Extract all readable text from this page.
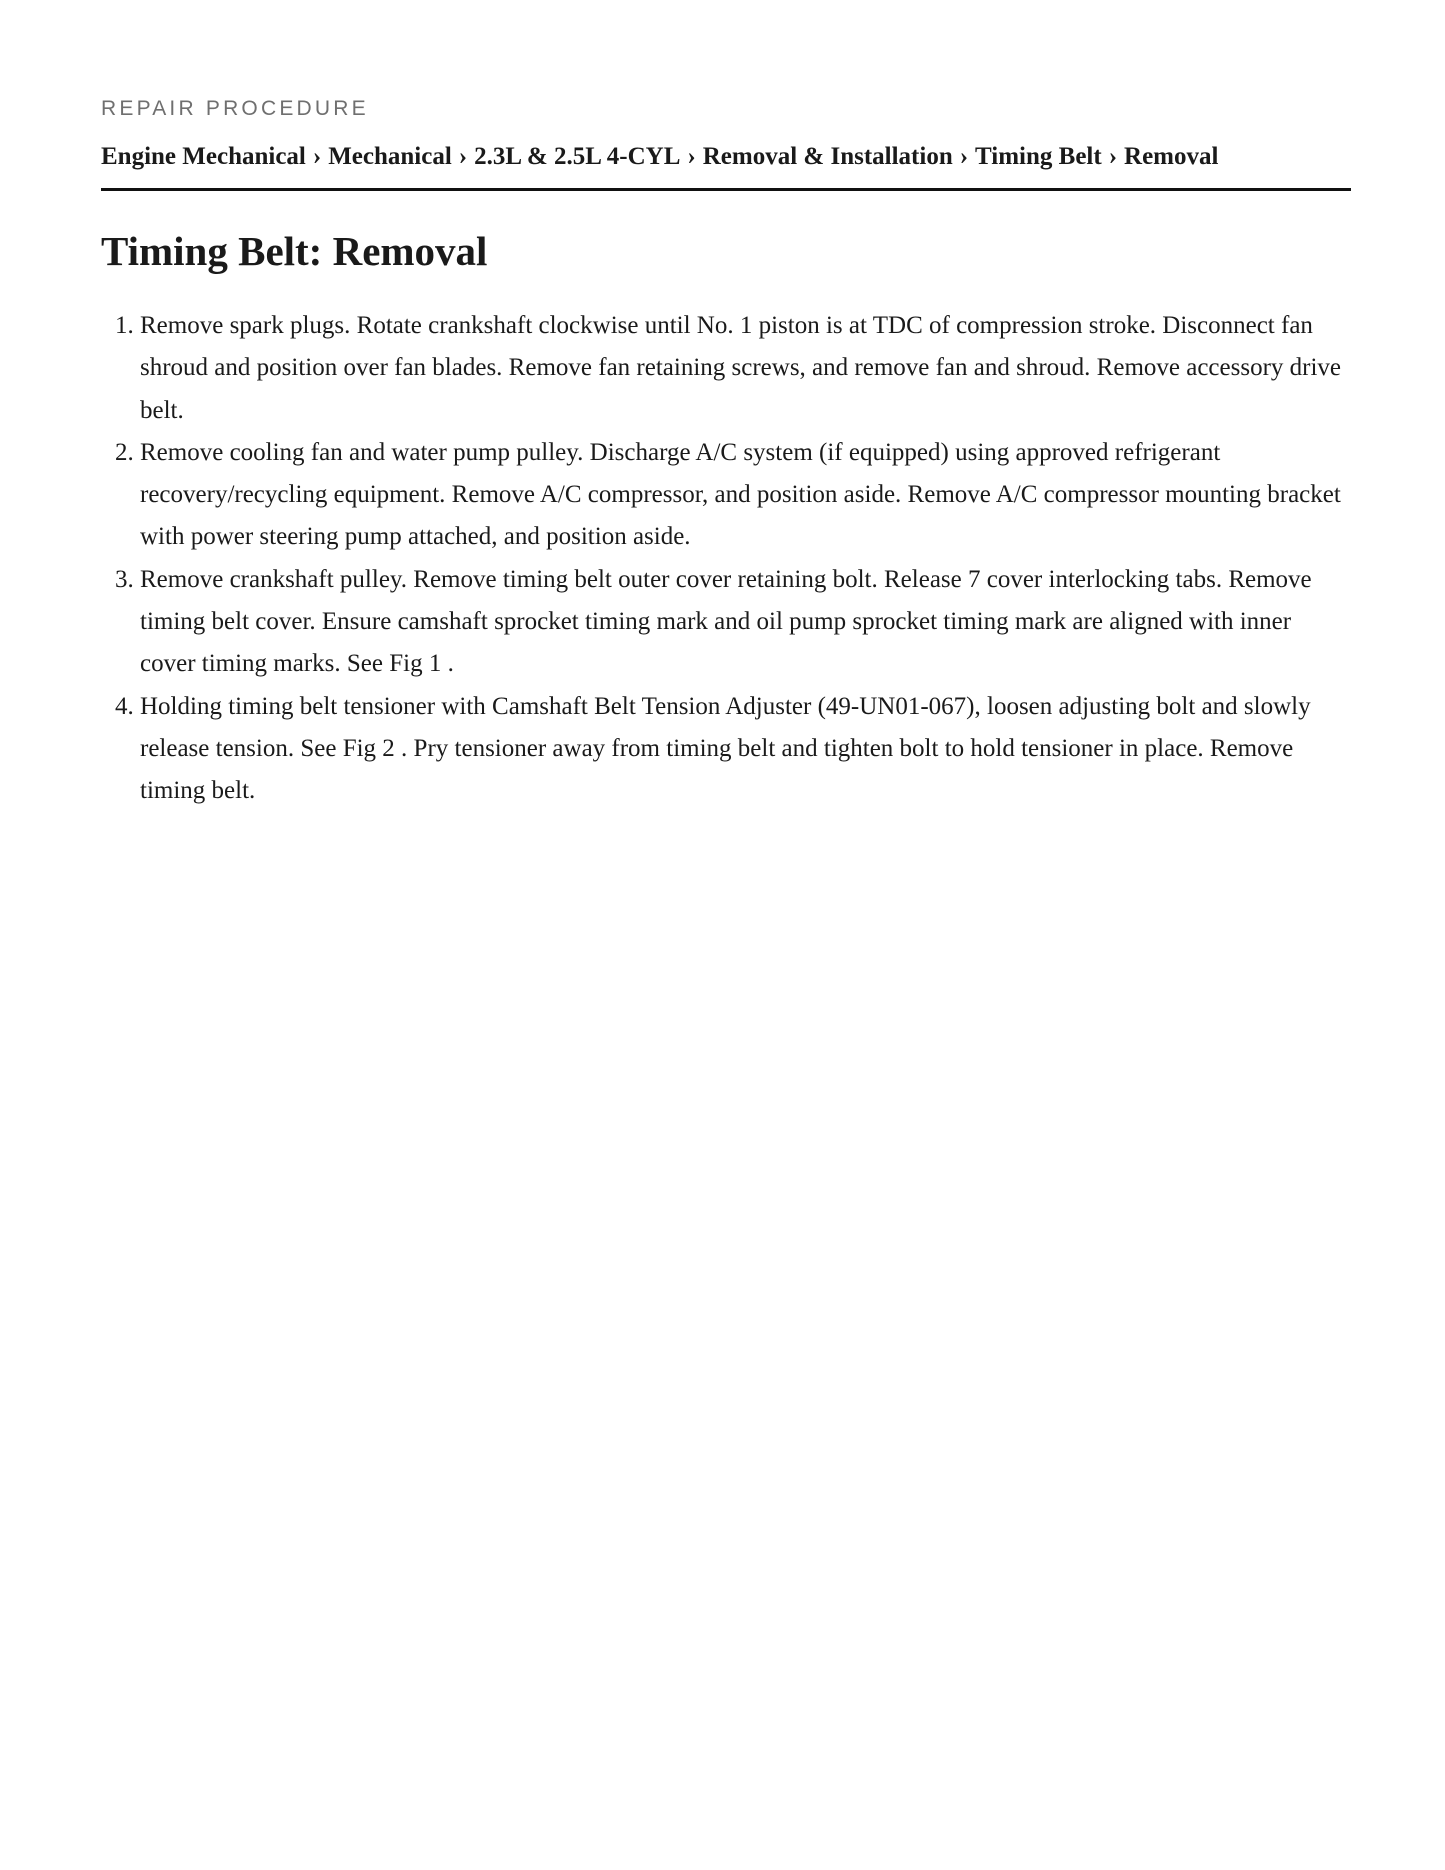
REPAIR PROCEDURE

Engine Mechanical › Mechanical › 2.3L & 2.5L 4-CYL › Removal & Installation › Timing Belt › Removal
Timing Belt: Removal
1. Remove spark plugs. Rotate crankshaft clockwise until No. 1 piston is at TDC of compression stroke. Disconnect fan shroud and position over fan blades. Remove fan retaining screws, and remove fan and shroud. Remove accessory drive belt.
2. Remove cooling fan and water pump pulley. Discharge A/C system (if equipped) using approved refrigerant recovery/recycling equipment. Remove A/C compressor, and position aside. Remove A/C compressor mounting bracket with power steering pump attached, and position aside.
3. Remove crankshaft pulley. Remove timing belt outer cover retaining bolt. Release 7 cover interlocking tabs. Remove timing belt cover. Ensure camshaft sprocket timing mark and oil pump sprocket timing mark are aligned with inner cover timing marks. See Fig 1 .
4. Holding timing belt tensioner with Camshaft Belt Tension Adjuster (49-UN01-067), loosen adjusting bolt and slowly release tension. See Fig 2 . Pry tensioner away from timing belt and tighten bolt to hold tensioner in place. Remove timing belt.
